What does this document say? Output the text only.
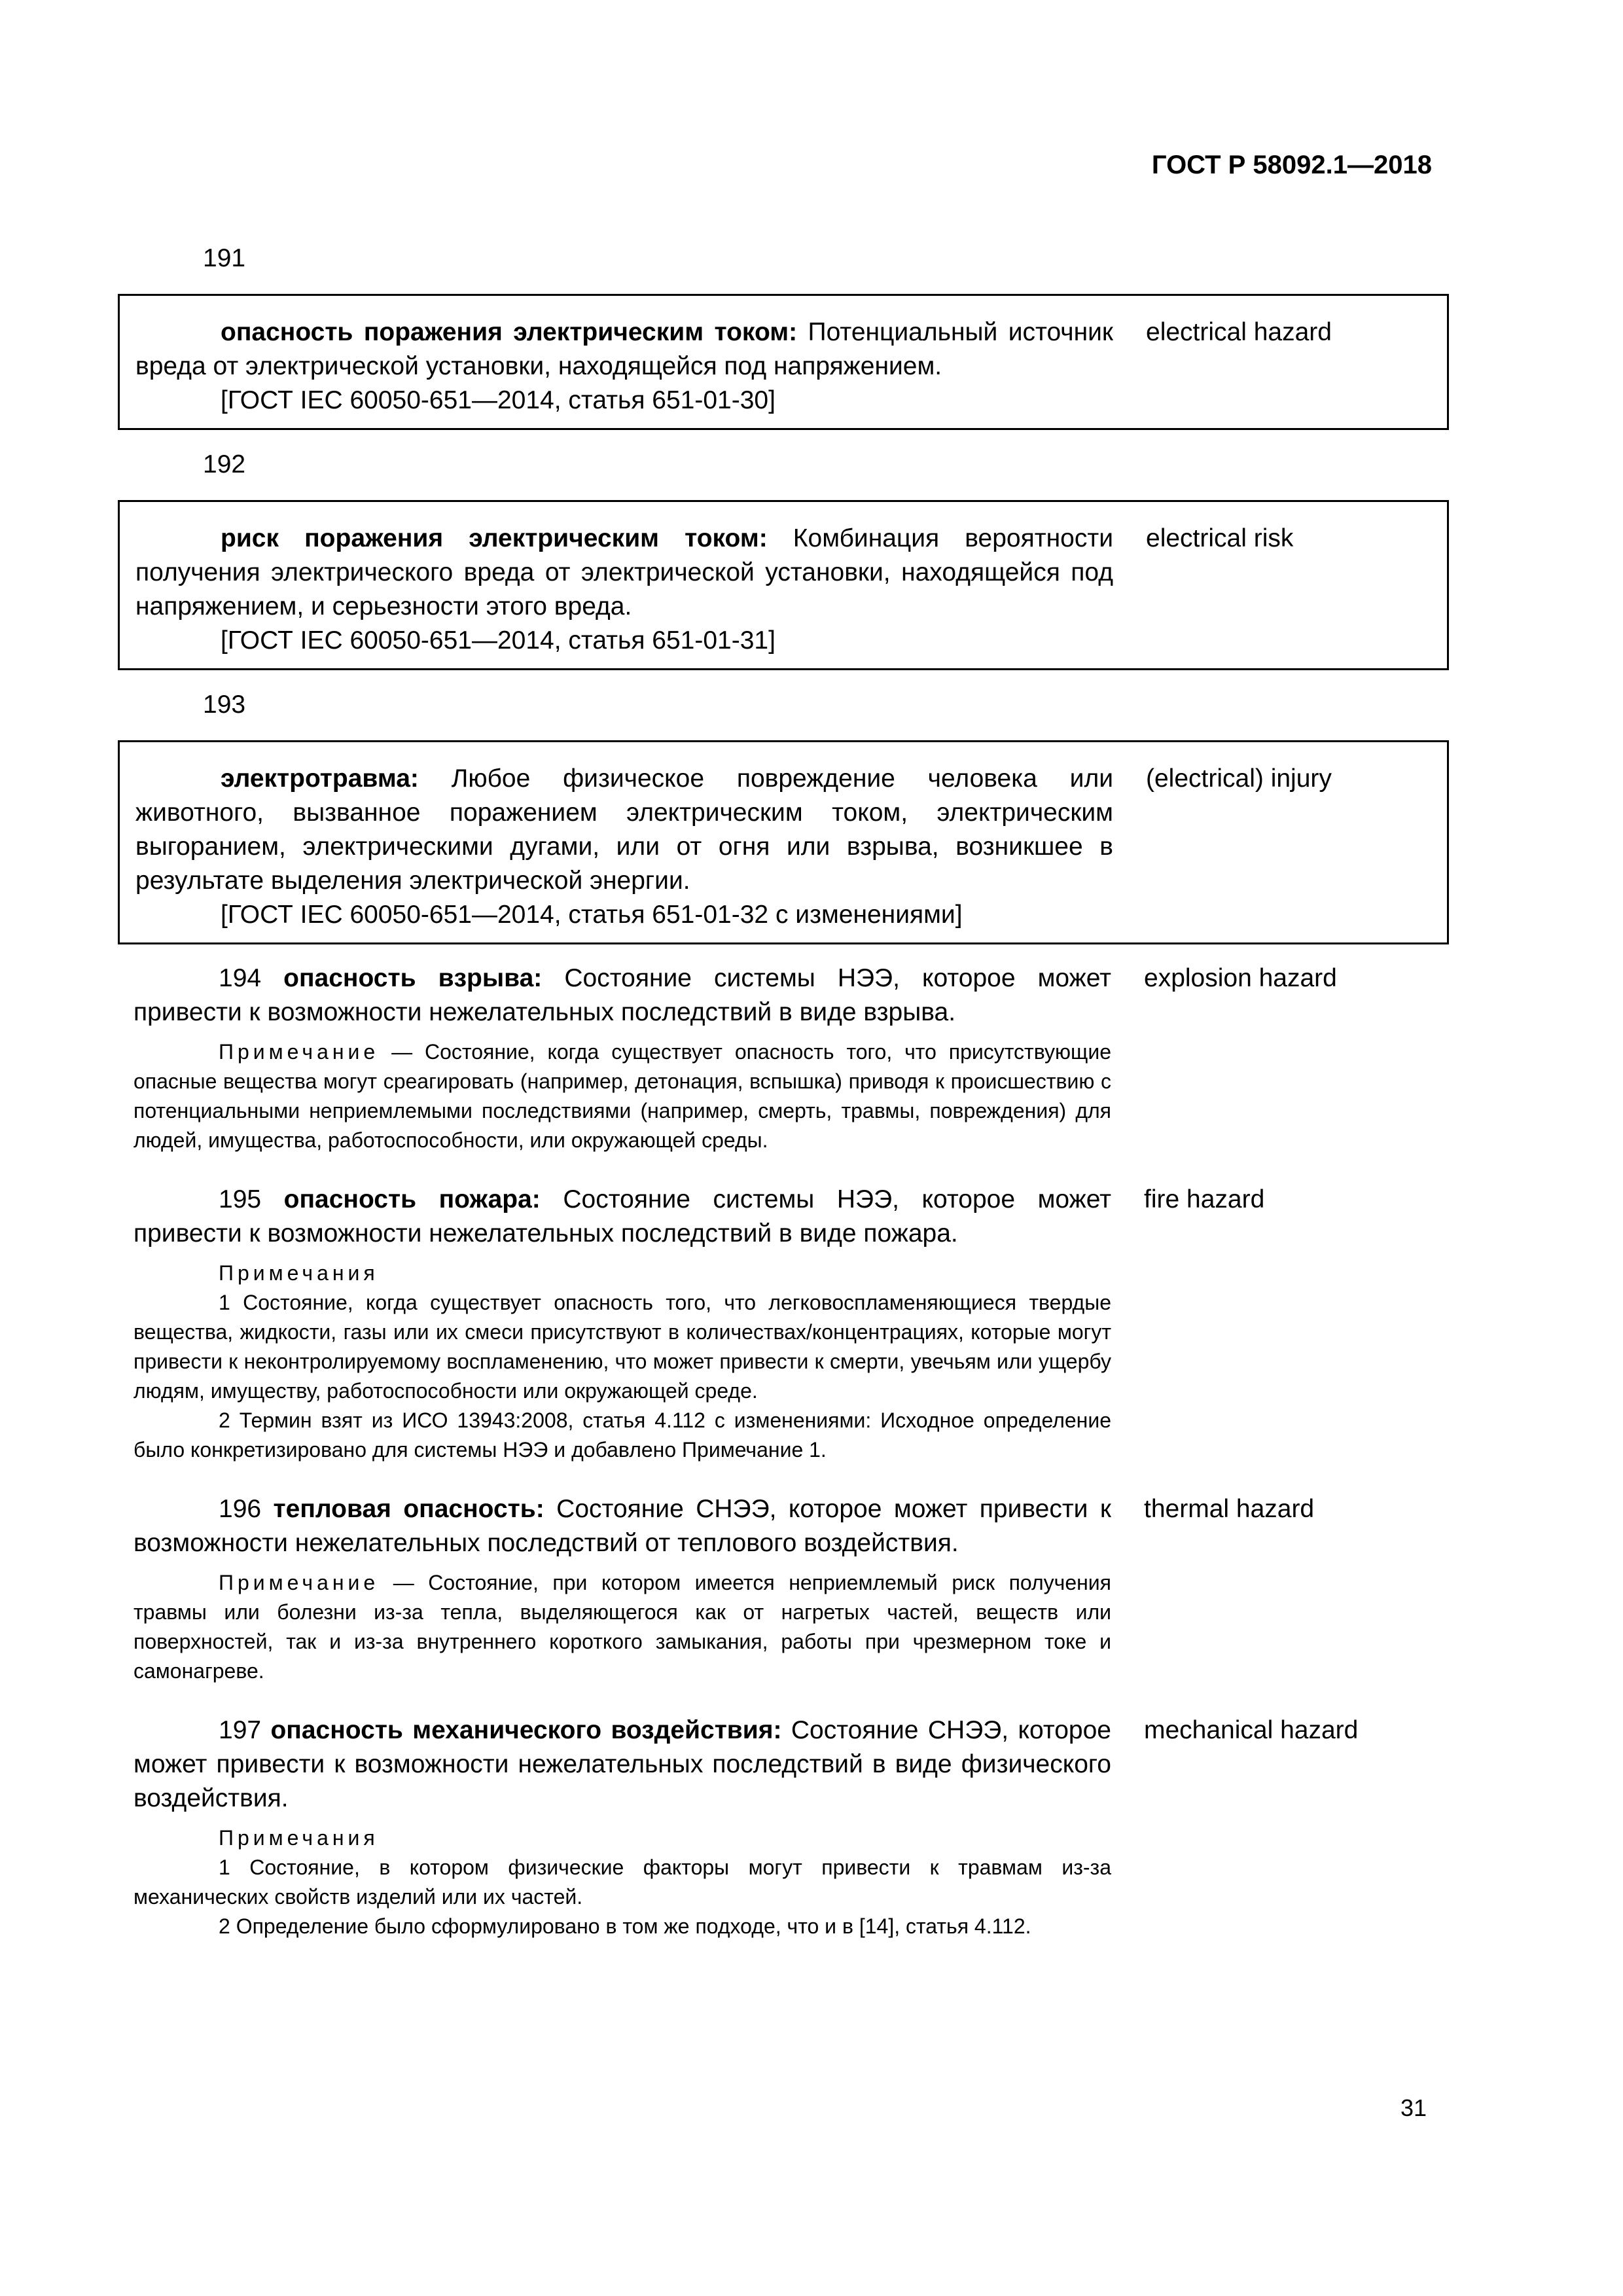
ГОСТ Р 58092.1—2018
191

опасность поражения электрическим током: Потенциальный источник вреда от электрической установки, находящейся под напряжением.

[ГОСТ IEC 60050-651—2014, статья 651-01-30]

electrical hazard
192

риск поражения электрическим током: Комбинация вероятности получения электрического вреда от электрической установки, находящейся под напряжением, и серьезности этого вреда.

[ГОСТ IEC 60050-651—2014, статья 651-01-31]

electrical risk
193

электротравма: Любое физическое повреждение человека или животного, вызванное поражением электрическим током, электрическим выгоранием, электрическими дугами, или от огня или взрыва, возникшее в результате выделения электрической энергии.

[ГОСТ IEC 60050-651—2014, статья 651-01-32 с изменениями]

(electrical) injury

194 опасность взрыва: Состояние системы НЭЭ, которое может привести к возможности нежелательных последствий в виде взрыва.

Примечание — Состояние, когда существует опасность того, что присутствующие опасные вещества могут среагировать (например, детонация, вспышка) приводя к происшествию с потенциальными неприемлемыми последствиями (например, смерть, травмы, повреждения) для людей, имущества, работоспособности, или окружающей среды.

explosion hazard

195 опасность пожара: Состояние системы НЭЭ, которое может привести к возможности нежелательных последствий в виде пожара.

Примечания

1 Состояние, когда существует опасность того, что легковоспламеняющиеся твердые вещества, жидкости, газы или их смеси присутствуют в количествах/концентрациях, которые могут привести к неконтролируемому воспламенению, что может привести к смерти, увечьям или ущербу людям, имуществу, работоспособности или окружающей среде.

2 Термин взят из ИСО 13943:2008, статья 4.112 с изменениями: Исходное определение было конкретизировано для системы НЭЭ и добавлено Примечание 1.

fire hazard

196 тепловая опасность: Состояние СНЭЭ, которое может привести к возможности нежелательных последствий от теплового воздействия.

Примечание — Состояние, при котором имеется неприемлемый риск получения травмы или болезни из-за тепла, выделяющегося как от нагретых частей, веществ или поверхностей, так и из-за внутреннего короткого замыкания, работы при чрезмерном токе и самонагреве.

thermal hazard

197 опасность механического воздействия: Состояние СНЭЭ, которое может привести к возможности нежелательных последствий в виде физического воздействия.

Примечания

1 Состояние, в котором физические факторы могут привести к травмам из-за механических свойств изделий или их частей.

2 Определение было сформулировано в том же подходе, что и в [14], статья 4.112.

mechanical hazard
31
